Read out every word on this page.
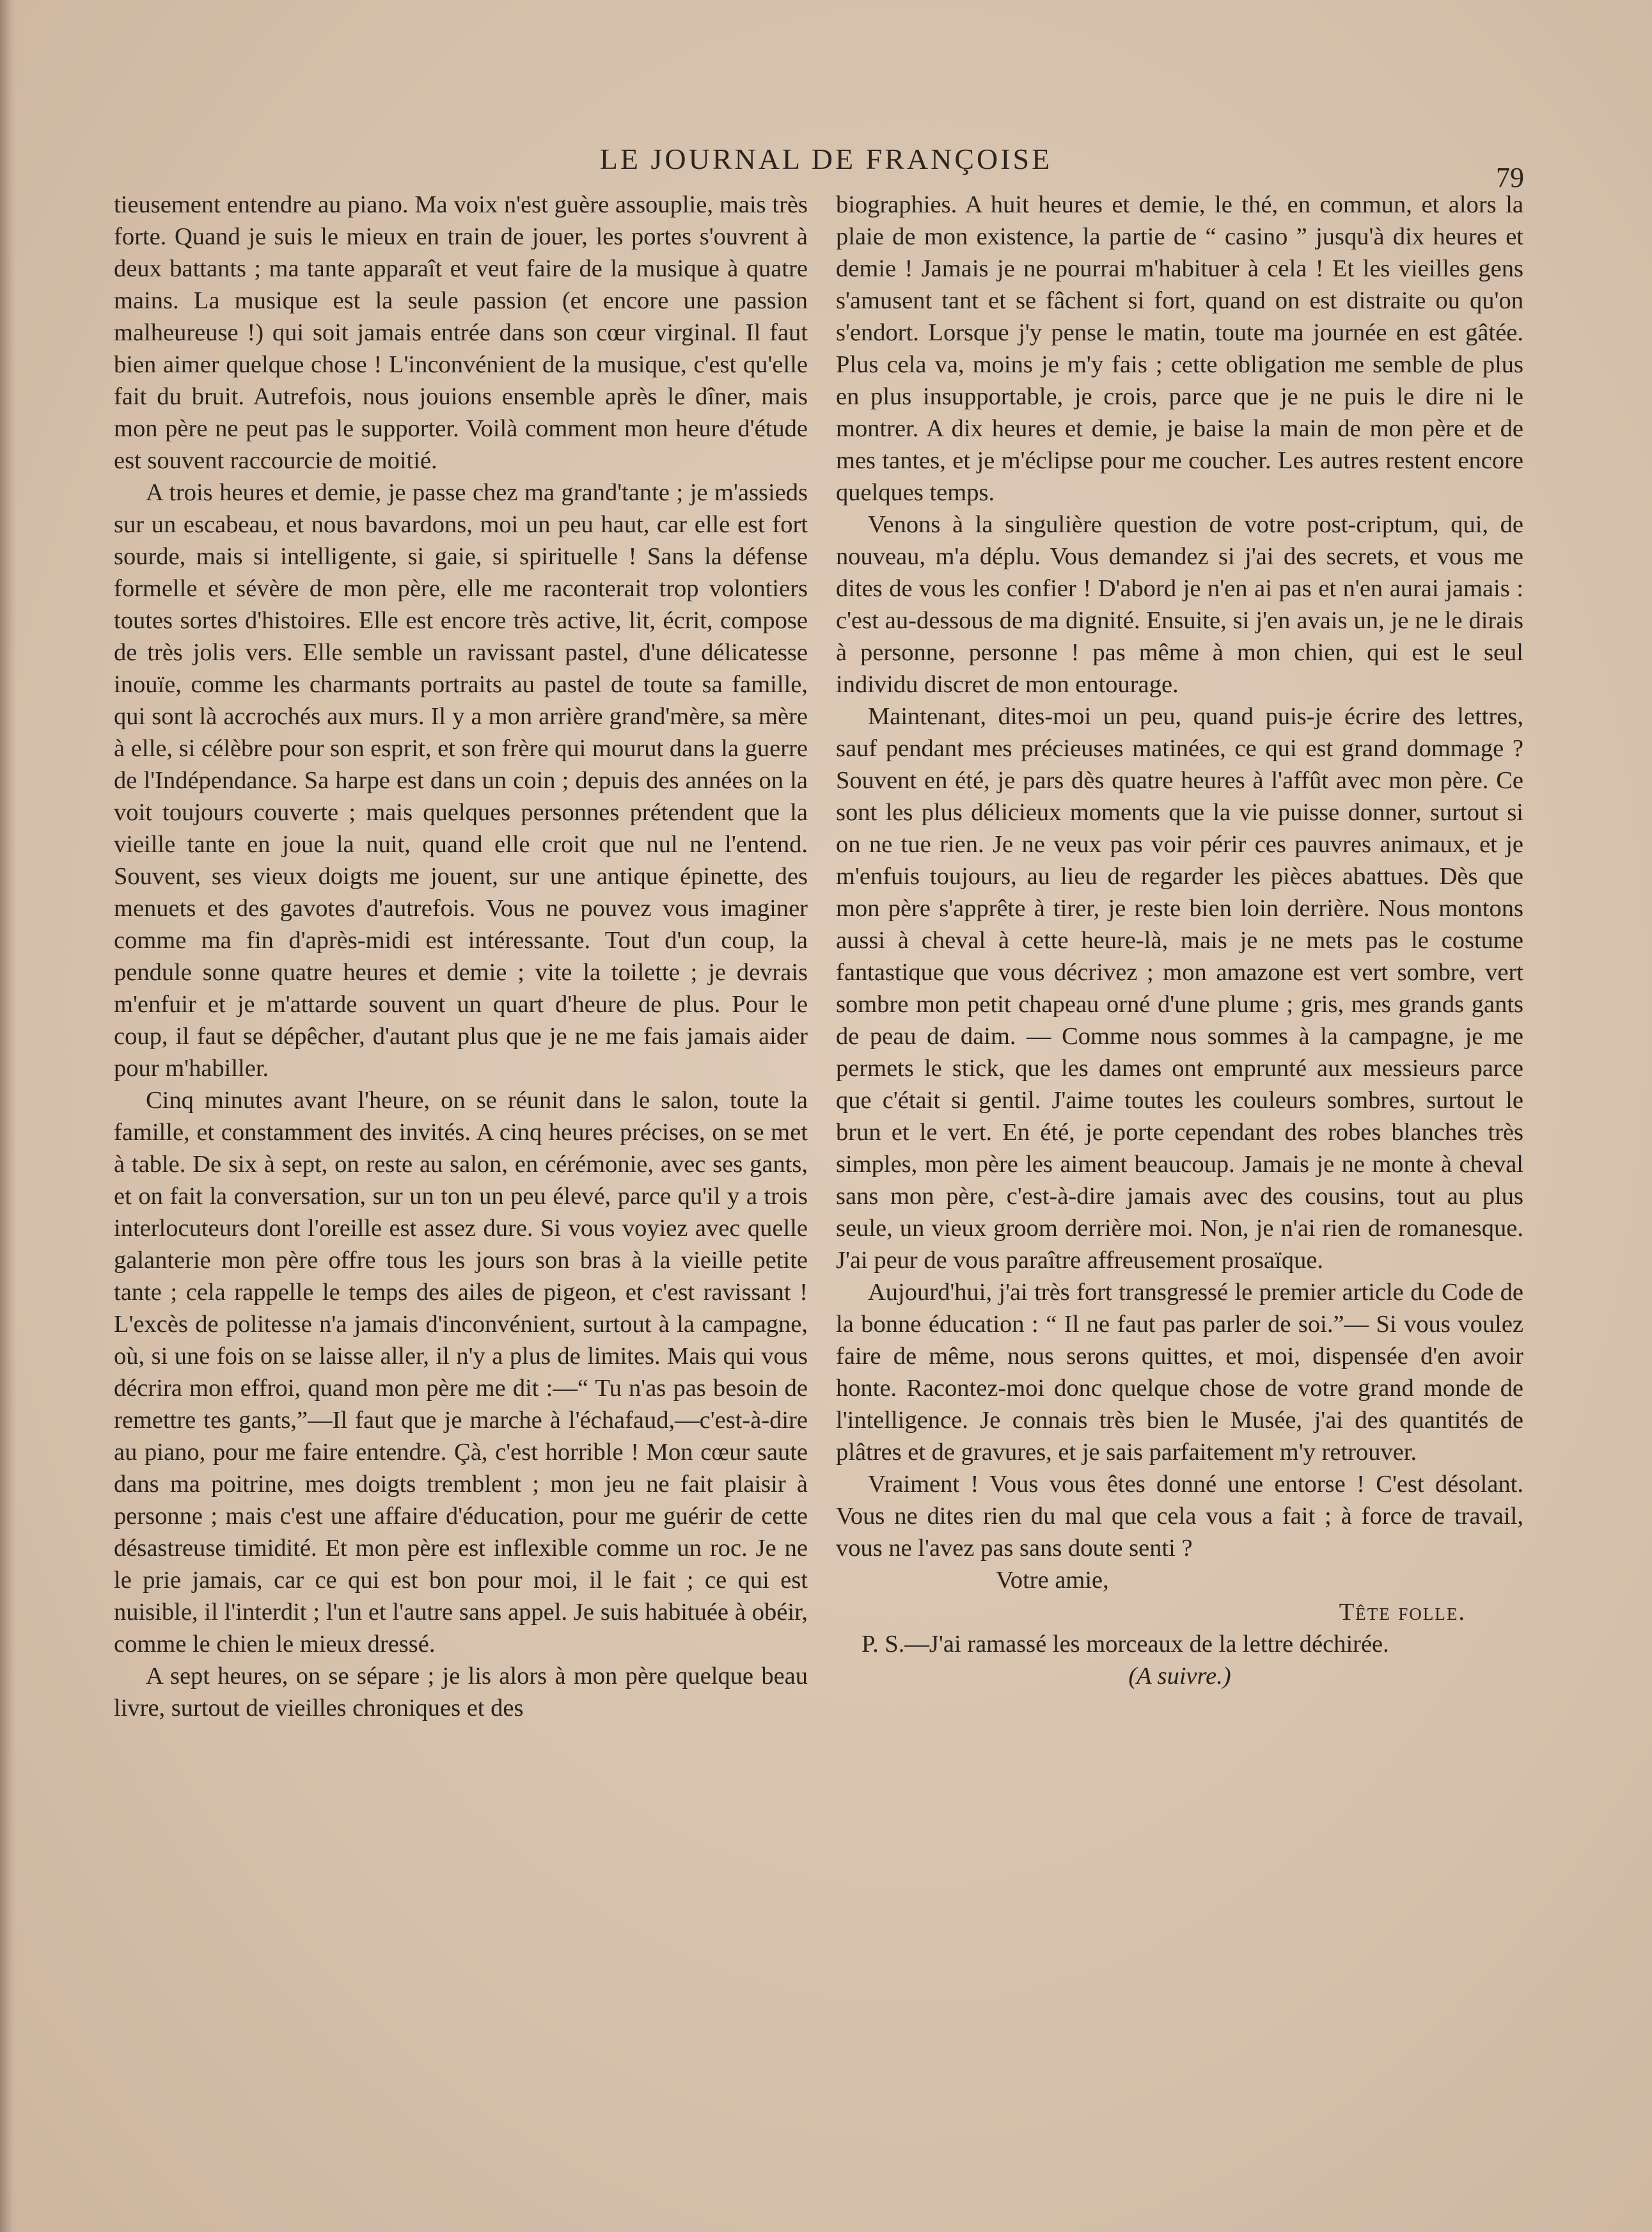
LE JOURNAL DE FRANÇOISE
79

tieusement entendre au piano. Ma voix n'est guère assouplie, mais très forte. Quand je suis le mieux en train de jouer, les portes s'ouvrent à deux battants ; ma tante apparaît et veut faire de la musique à quatre mains. La musique est la seule passion (et encore une passion malheureuse !) qui soit jamais entrée dans son cœur virginal. Il faut bien aimer quelque chose ! L'inconvénient de la musique, c'est qu'elle fait du bruit. Autrefois, nous jouions ensemble après le dîner, mais mon père ne peut pas le supporter. Voilà comment mon heure d'étude est souvent raccourcie de moitié.

A trois heures et demie, je passe chez ma grand'tante ; je m'assieds sur un escabeau, et nous bavardons, moi un peu haut, car elle est fort sourde, mais si intelligente, si gaie, si spirituelle ! Sans la défense formelle et sévère de mon père, elle me raconterait trop volontiers toutes sortes d'histoires. Elle est encore très active, lit, écrit, compose de très jolis vers. Elle semble un ravissant pastel, d'une délicatesse inouïe, comme les charmants portraits au pastel de toute sa famille, qui sont là accrochés aux murs. Il y a mon arrière grand'mère, sa mère à elle, si célèbre pour son esprit, et son frère qui mourut dans la guerre de l'Indépendance. Sa harpe est dans un coin ; depuis des années on la voit toujours couverte ; mais quelques personnes prétendent que la vieille tante en joue la nuit, quand elle croit que nul ne l'entend. Souvent, ses vieux doigts me jouent, sur une antique épinette, des menuets et des gavotes d'autrefois. Vous ne pouvez vous imaginer comme ma fin d'après-midi est intéressante. Tout d'un coup, la pendule sonne quatre heures et demie ; vite la toilette ; je devrais m'enfuir et je m'attarde souvent un quart d'heure de plus. Pour le coup, il faut se dépêcher, d'autant plus que je ne me fais jamais aider pour m'habiller.

Cinq minutes avant l'heure, on se réunit dans le salon, toute la famille, et constamment des invités. A cinq heures précises, on se met à table. De six à sept, on reste au salon, en cérémonie, avec ses gants, et on fait la conversation, sur un ton un peu élevé, parce qu'il y a trois interlocuteurs dont l'oreille est assez dure. Si vous voyiez avec quelle galanterie mon père offre tous les jours son bras à la vieille petite tante ; cela rappelle le temps des ailes de pigeon, et c'est ravissant ! L'excès de politesse n'a jamais d'inconvénient, surtout à la campagne, où, si une fois on se laisse aller, il n'y a plus de limites. Mais qui vous décrira mon effroi, quand mon père me dit :—“ Tu n'as pas besoin de remettre tes gants,”—Il faut que je marche à l'échafaud,—c'est-à-dire au piano, pour me faire entendre. Çà, c'est horrible ! Mon cœur saute dans ma poitrine, mes doigts tremblent ; mon jeu ne fait plaisir à personne ; mais c'est une affaire d'éducation, pour me guérir de cette désastreuse timidité. Et mon père est inflexible comme un roc. Je ne le prie jamais, car ce qui est bon pour moi, il le fait ; ce qui est nuisible, il l'interdit ; l'un et l'autre sans appel. Je suis habituée à obéir, comme le chien le mieux dressé.

A sept heures, on se sépare ; je lis alors à mon père quelque beau livre, surtout de vieilles chroniques et des

biographies. A huit heures et demie, le thé, en commun, et alors la plaie de mon existence, la partie de “ casino ” jusqu'à dix heures et demie ! Jamais je ne pourrai m'habituer à cela ! Et les vieilles gens s'amusent tant et se fâchent si fort, quand on est distraite ou qu'on s'endort. Lorsque j'y pense le matin, toute ma journée en est gâtée. Plus cela va, moins je m'y fais ; cette obligation me semble de plus en plus insupportable, je crois, parce que je ne puis le dire ni le montrer. A dix heures et demie, je baise la main de mon père et de mes tantes, et je m'éclipse pour me coucher. Les autres restent encore quelques temps.

Venons à la singulière question de votre post-criptum, qui, de nouveau, m'a déplu. Vous demandez si j'ai des secrets, et vous me dites de vous les confier ! D'abord je n'en ai pas et n'en aurai jamais : c'est au-dessous de ma dignité. Ensuite, si j'en avais un, je ne le dirais à personne, personne ! pas même à mon chien, qui est le seul individu discret de mon entourage.

Maintenant, dites-moi un peu, quand puis-je écrire des lettres, sauf pendant mes précieuses matinées, ce qui est grand dommage ? Souvent en été, je pars dès quatre heures à l'affût avec mon père. Ce sont les plus délicieux moments que la vie puisse donner, surtout si on ne tue rien. Je ne veux pas voir périr ces pauvres animaux, et je m'enfuis toujours, au lieu de regarder les pièces abattues. Dès que mon père s'apprête à tirer, je reste bien loin derrière. Nous montons aussi à cheval à cette heure-là, mais je ne mets pas le costume fantastique que vous décrivez ; mon amazone est vert sombre, vert sombre mon petit chapeau orné d'une plume ; gris, mes grands gants de peau de daim. — Comme nous sommes à la campagne, je me permets le stick, que les dames ont emprunté aux messieurs parce que c'était si gentil. J'aime toutes les couleurs sombres, surtout le brun et le vert. En été, je porte cependant des robes blanches très simples, mon père les aiment beaucoup. Jamais je ne monte à cheval sans mon père, c'est-à-dire jamais avec des cousins, tout au plus seule, un vieux groom derrière moi. Non, je n'ai rien de romanesque. J'ai peur de vous paraître affreusement prosaïque.

Aujourd'hui, j'ai très fort transgressé le premier article du Code de la bonne éducation : “ Il ne faut pas parler de soi.”— Si vous voulez faire de même, nous serons quittes, et moi, dispensée d'en avoir honte. Racontez-moi donc quelque chose de votre grand monde de l'intelligence. Je connais très bien le Musée, j'ai des quantités de plâtres et de gravures, et je sais parfaitement m'y retrouver.

Vraiment ! Vous vous êtes donné une entorse ! C'est désolant. Vous ne dites rien du mal que cela vous a fait ; à force de travail, vous ne l'avez pas sans doute senti ?

Votre amie,

Tête folle.

P. S.—J'ai ramassé les morceaux de la lettre déchirée.

(A suivre.)
